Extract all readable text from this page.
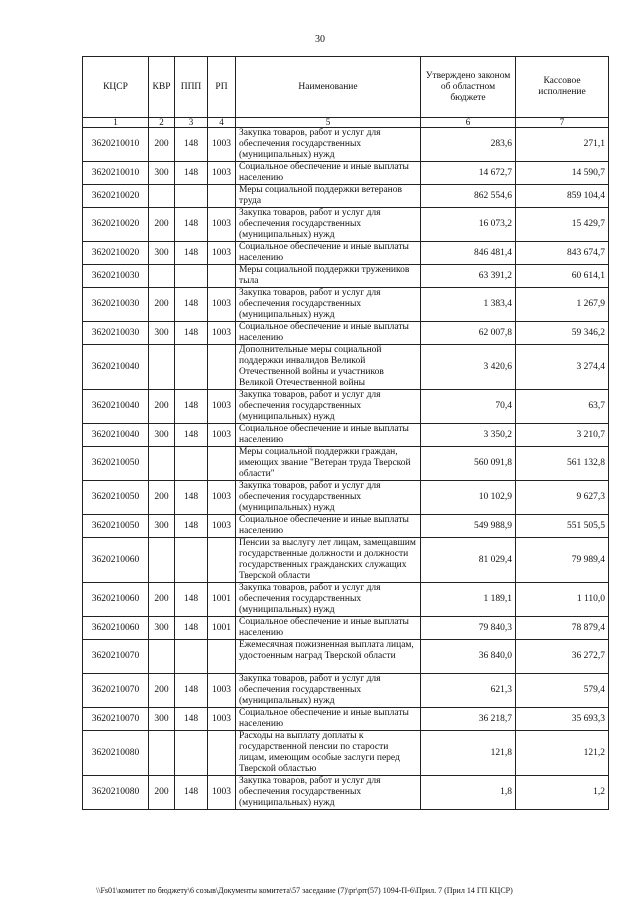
30
КЦСР	КВР	ППП	РП	Наименование	Утверждено законом об областном бюджете	Кассовое исполнение
1	2	3	4	5	6	7
3620210010	200	148	1003	Закупка товаров, работ и услуг для обеспечения государственных (муниципальных) нужд	283,6	271,1
3620210010	300	148	1003	Социальное обеспечение и иные выплаты населению	14 672,7	14 590,7
3620210020				Меры социальной поддержки ветеранов труда	862 554,6	859 104,4
3620210020	200	148	1003	Закупка товаров, работ и услуг для обеспечения государственных (муниципальных) нужд	16 073,2	15 429,7
3620210020	300	148	1003	Социальное обеспечение и иные выплаты населению	846 481,4	843 674,7
3620210030				Меры социальной поддержки тружеников тыла	63 391,2	60 614,1
3620210030	200	148	1003	Закупка товаров, работ и услуг для обеспечения государственных (муниципальных) нужд	1 383,4	1 267,9
3620210030	300	148	1003	Социальное обеспечение и иные выплаты населению	62 007,8	59 346,2
3620210040				Дополнительные меры социальной поддержки инвалидов Великой Отечественной войны и участников Великой Отечественной войны	3 420,6	3 274,4
3620210040	200	148	1003	Закупка товаров, работ и услуг для обеспечения государственных (муниципальных) нужд	70,4	63,7
3620210040	300	148	1003	Социальное обеспечение и иные выплаты населению	3 350,2	3 210,7
3620210050				Меры социальной поддержки граждан, имеющих звание "Ветеран труда Тверской области"	560 091,8	561 132,8
3620210050	200	148	1003	Закупка товаров, работ и услуг для обеспечения государственных (муниципальных) нужд	10 102,9	9 627,3
3620210050	300	148	1003	Социальное обеспечение и иные выплаты населению	549 988,9	551 505,5
3620210060				Пенсии за выслугу лет лицам, замещавшим государственные должности и должности государственных гражданских служащих Тверской области	81 029,4	79 989,4
3620210060	200	148	1001	Закупка товаров, работ и услуг для обеспечения государственных (муниципальных) нужд	1 189,1	1 110,0
3620210060	300	148	1001	Социальное обеспечение и иные выплаты населению	79 840,3	78 879,4
3620210070				Ежемесячная пожизненная выплата лицам, удостоенным наград Тверской области	36 840,0	36 272,7
3620210070	200	148	1003	Закупка товаров, работ и услуг для обеспечения государственных (муниципальных) нужд	621,3	579,4
3620210070	300	148	1003	Социальное обеспечение и иные выплаты населению	36 218,7	35 693,3
3620210080				Расходы на выплату доплаты к государственной пенсии по старости лицам, имеющим особые заслуги перед Тверской областью	121,8	121,2
3620210080	200	148	1003	Закупка товаров, работ и услуг для обеспечения государственных (муниципальных) нужд	1,8	1,2
\\Fs01\комитет по бюджету\6 созыв\Документы комитета\57 заседание (7)\pr\prr(57) 1094-П-6\Прил. 7 (Прил 14 ГП КЦСР)
